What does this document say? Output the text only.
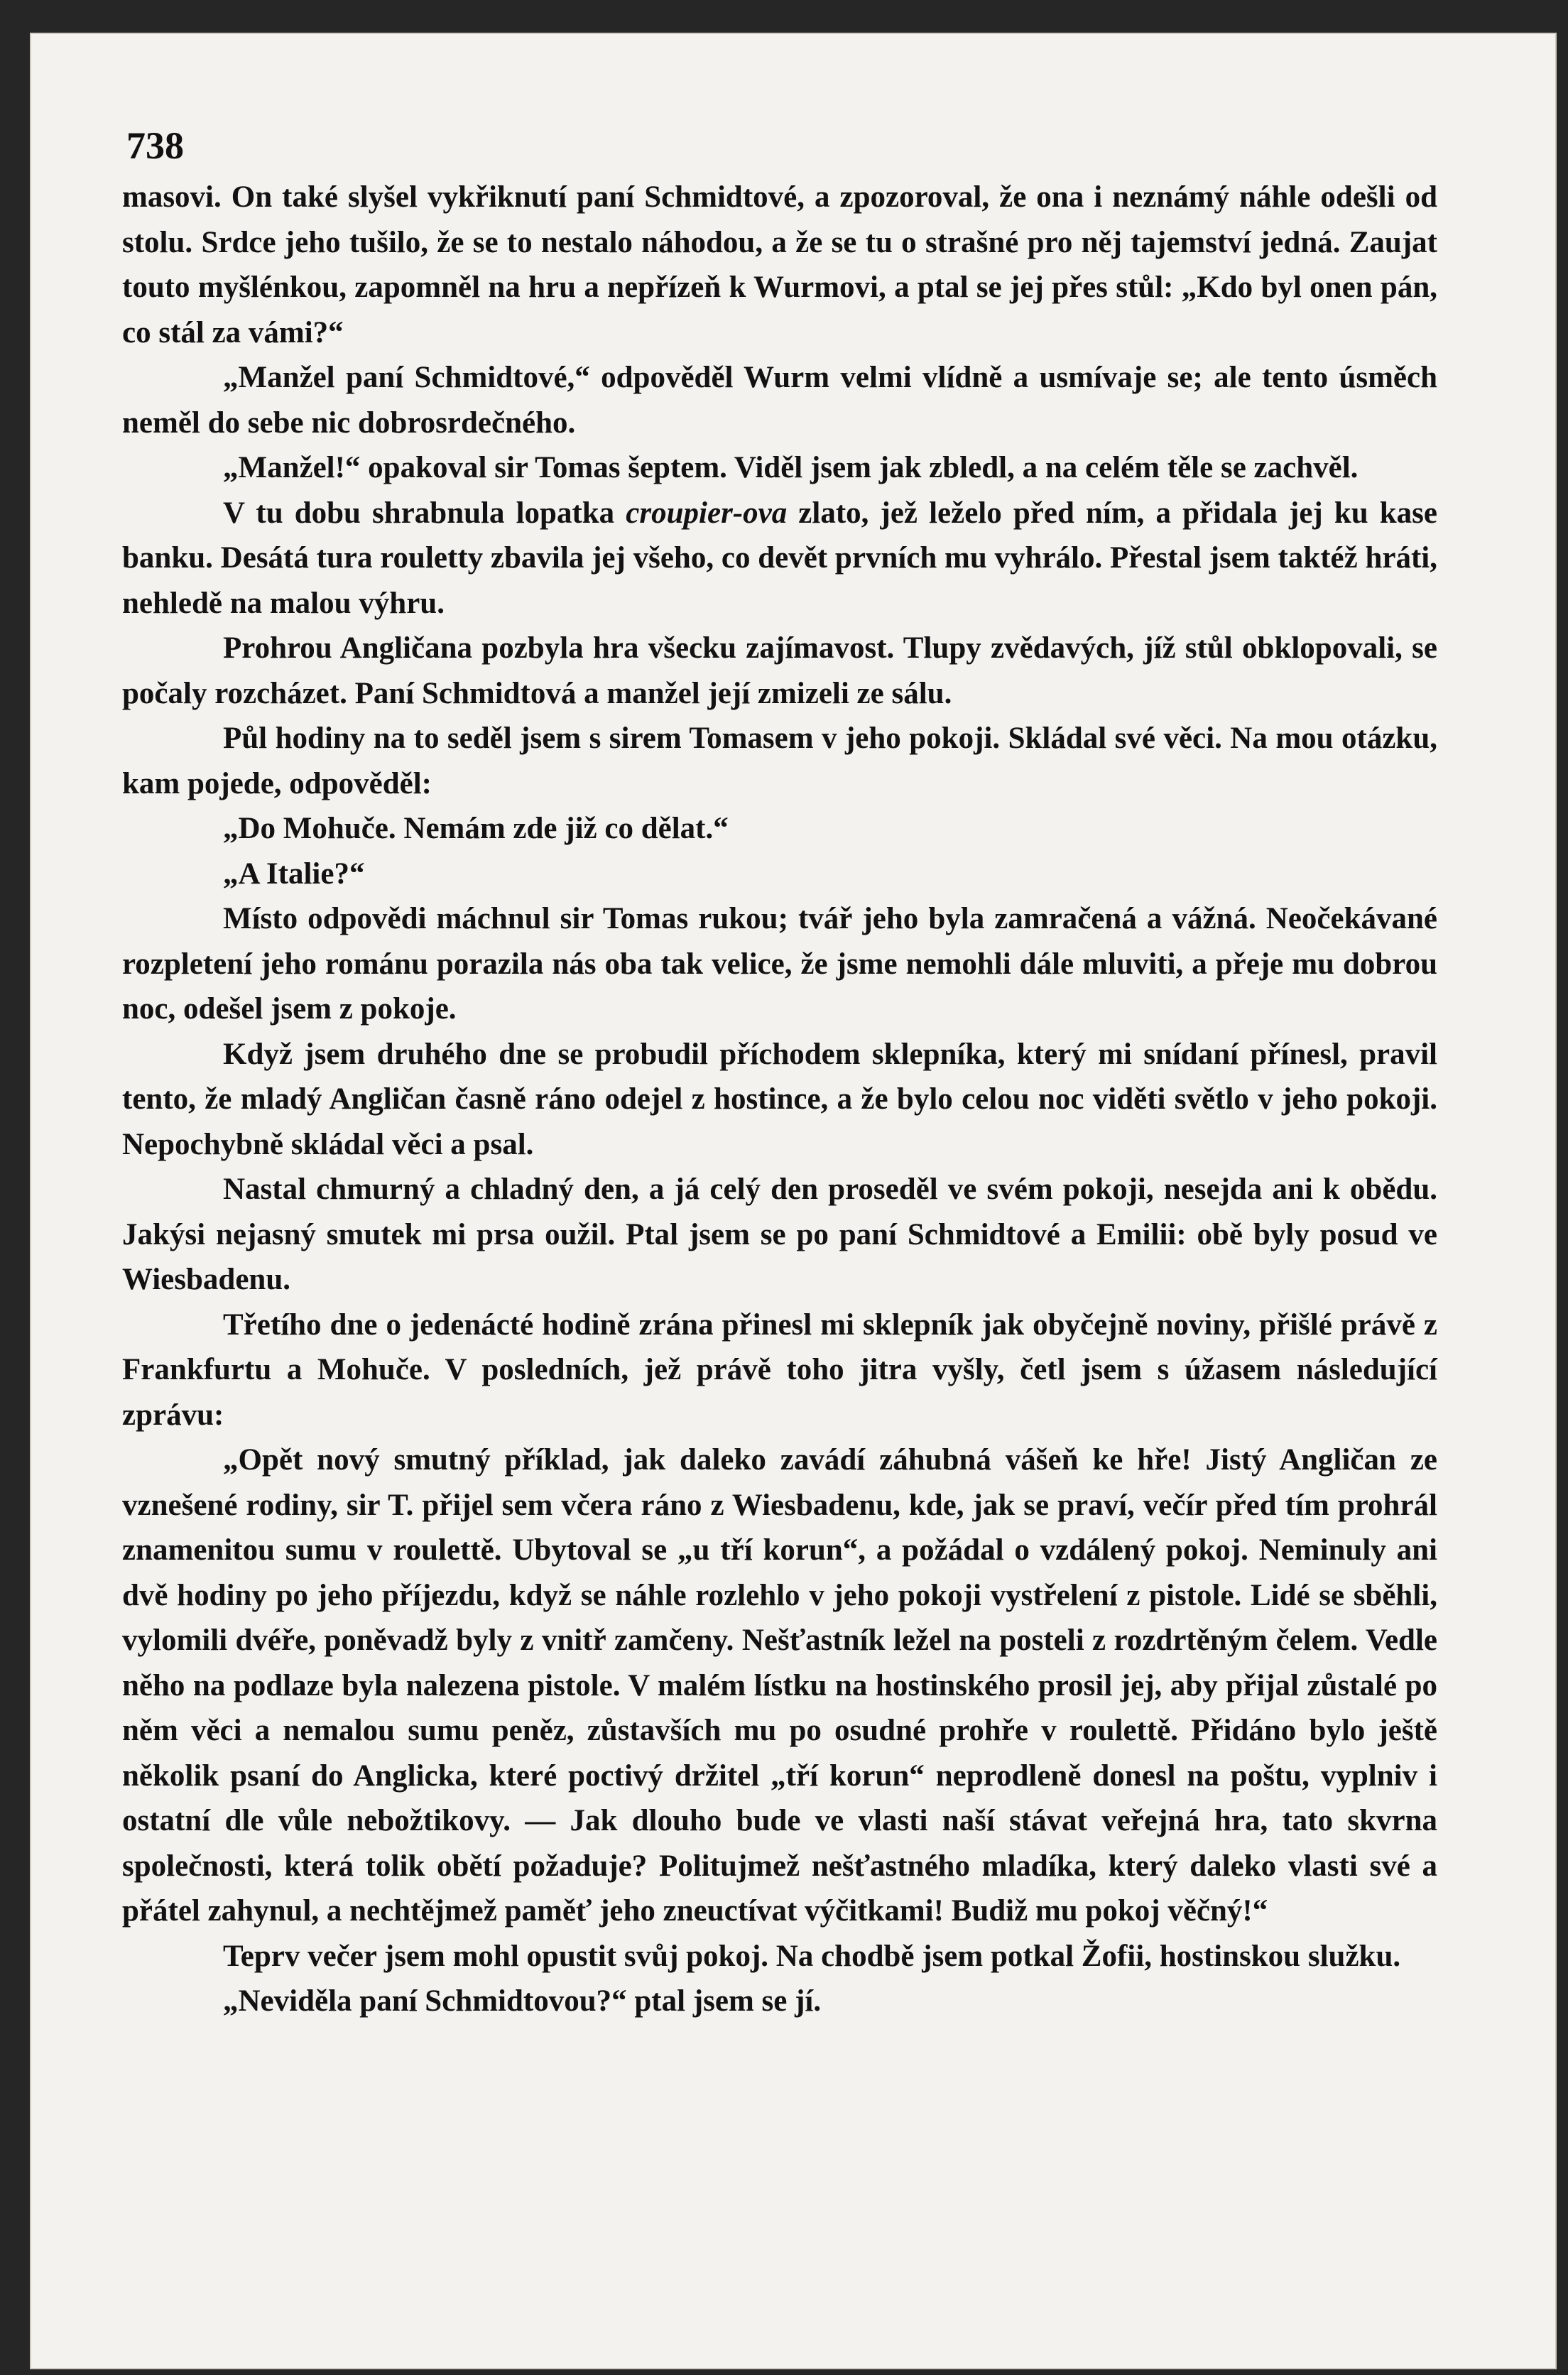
738

masovi. On také slyšel vykřiknutí paní Schmidtové, a zpozoroval, že ona i neznámý náhle odešli od stolu. Srdce jeho tušilo, že se to nestalo náhodou, a že se tu o strašné pro něj tajemství jedná. Zaujat touto myšlénkou, zapomněl na hru a nepřízeň k Wurmovi, a ptal se jej přes stůl: „Kdo byl onen pán, co stál za vámi?“

„Manžel paní Schmidtové,“ odpověděl Wurm velmi vlídně a usmívaje se; ale tento úsměch neměl do sebe nic dobrosrdečného.

„Manžel!“ opakoval sir Tomas šeptem. Viděl jsem jak zbledl, a na celém těle se zachvěl.

V tu dobu shrabnula lopatka croupier-ova zlato, jež leželo před ním, a přidala jej ku kase banku. Desátá tura rouletty zbavila jej všeho, co devět prvních mu vyhrálo. Přestal jsem taktéž hráti, nehledě na malou výhru.

Prohrou Angličana pozbyla hra všecku zajímavost. Tlupy zvědavých, jíž stůl obklopovali, se počaly rozcházet. Paní Schmidtová a manžel její zmizeli ze sálu.

Půl hodiny na to seděl jsem s sirem Tomasem v jeho pokoji. Skládal své věci. Na mou otázku, kam pojede, odpověděl:

„Do Mohuče. Nemám zde již co dělat.“

„A Italie?“

Místo odpovědi máchnul sir Tomas rukou; tvář jeho byla zamračená a vážná. Neočekávané rozpletení jeho románu porazila nás oba tak velice, že jsme nemohli dále mluviti, a přeje mu dobrou noc, odešel jsem z pokoje.

Když jsem druhého dne se probudil příchodem sklepníka, který mi snídaní přínesl, pravil tento, že mladý Angličan časně ráno odejel z hostince, a že bylo celou noc viděti světlo v jeho pokoji. Nepochybně skládal věci a psal.

Nastal chmurný a chladný den, a já celý den proseděl ve svém pokoji, nesejda ani k obědu. Jakýsi nejasný smutek mi prsa oužil. Ptal jsem se po paní Schmidtové a Emilii: obě byly posud ve Wiesbadenu.

Třetího dne o jedenácté hodině zrána přinesl mi sklepník jak obyčejně noviny, přišlé právě z Frankfurtu a Mohuče. V posledních, jež právě toho jitra vyšly, četl jsem s úžasem následující zprávu:

„Opět nový smutný příklad, jak daleko zavádí záhubná vášeň ke hře! Jistý Angličan ze vznešené rodiny, sir T. přijel sem včera ráno z Wiesbadenu, kde, jak se praví, večír před tím prohrál znamenitou sumu v roulettě. Ubytoval se „u tří korun“, a požádal o vzdálený pokoj. Neminuly ani dvě hodiny po jeho příjezdu, když se náhle rozlehlo v jeho pokoji vystřelení z pistole. Lidé se sběhli, vylomili dvéře, poněvadž byly z vnitř zamčeny. Nešťastník ležel na posteli z rozdrtěným čelem. Vedle něho na podlaze byla nalezena pistole. V malém lístku na hostinského prosil jej, aby přijal zůstalé po něm věci a nemalou sumu peněz, zůstavších mu po osudné prohře v roulettě. Přidáno bylo ještě několik psaní do Anglicka, které poctivý držitel „tří korun“ neprodleně donesl na poštu, vyplniv i ostatní dle vůle nebožtikovy. — Jak dlouho bude ve vlasti naší stávat veřejná hra, tato skvrna společnosti, která tolik obětí požaduje? Politujmež nešťastného mladíka, který daleko vlasti své a přátel zahynul, a nechtějmež paměť jeho zneuctívat výčitkami! Budiž mu pokoj věčný!“

Teprv večer jsem mohl opustit svůj pokoj. Na chodbě jsem potkal Žofii, hostinskou služku.

„Neviděla paní Schmidtovou?“ ptal jsem se jí.
